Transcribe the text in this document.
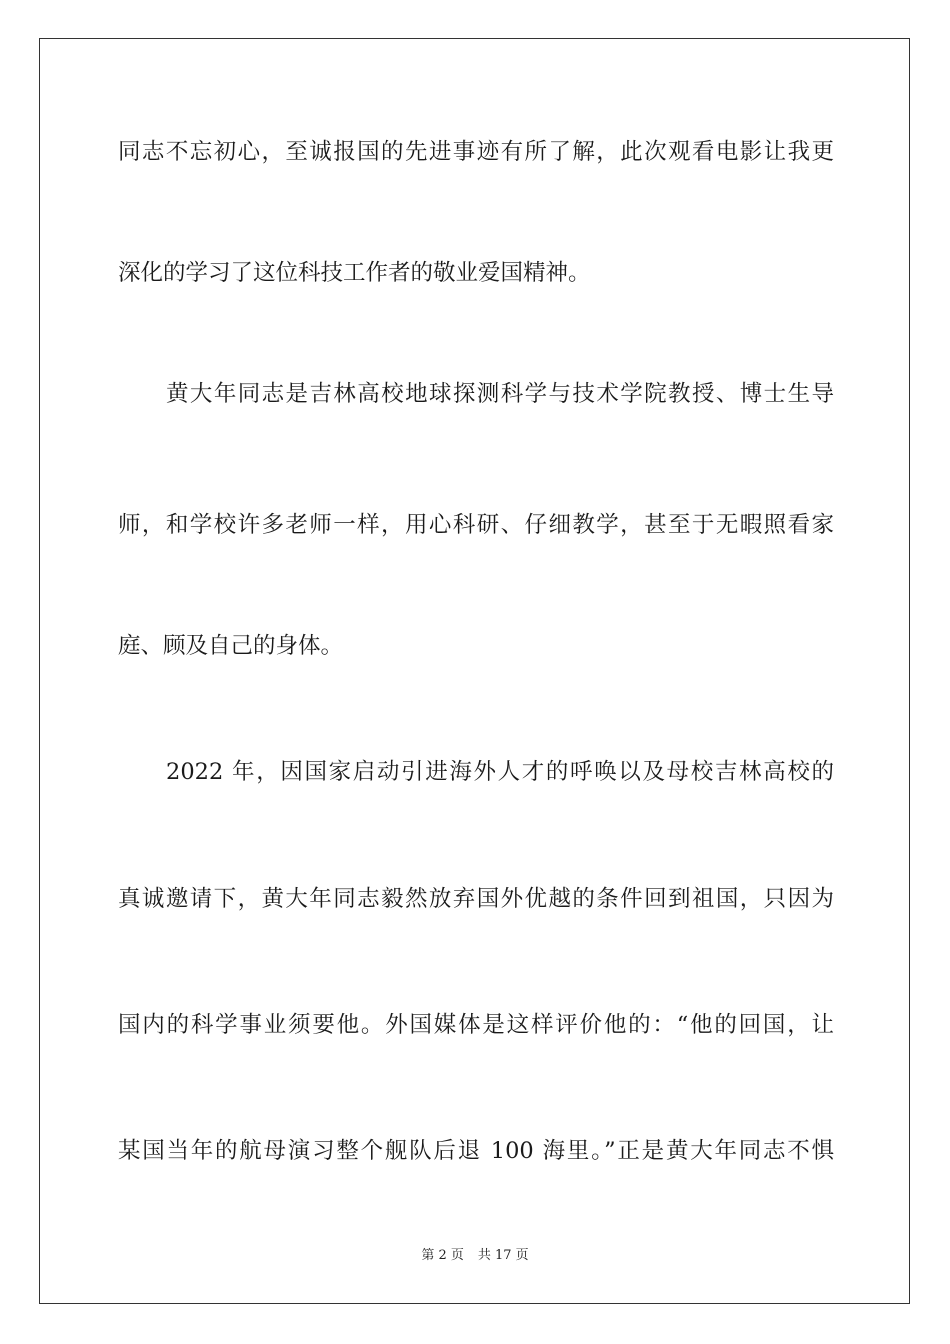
同志不忘初心，至诚报国的先进事迹有所了解，此次观看电影让我更
深化的学习了这位科技工作者的敬业爱国精神。
黄大年同志是吉林高校地球探测科学与技术学院教授、博士生导
师，和学校许多老师一样，用心科研、仔细教学，甚至于无暇照看家
庭、顾及自己的身体。
2022 年，因国家启动引进海外人才的呼唤以及母校吉林高校的
真诚邀请下，黄大年同志毅然放弃国外优越的条件回到祖国，只因为
国内的科学事业须要他。外国媒体是这样评价他的：“他的回国，让
某国当年的航母演习整个舰队后退 100 海里。”正是黄大年同志不惧
第 2 页 共 17 页
